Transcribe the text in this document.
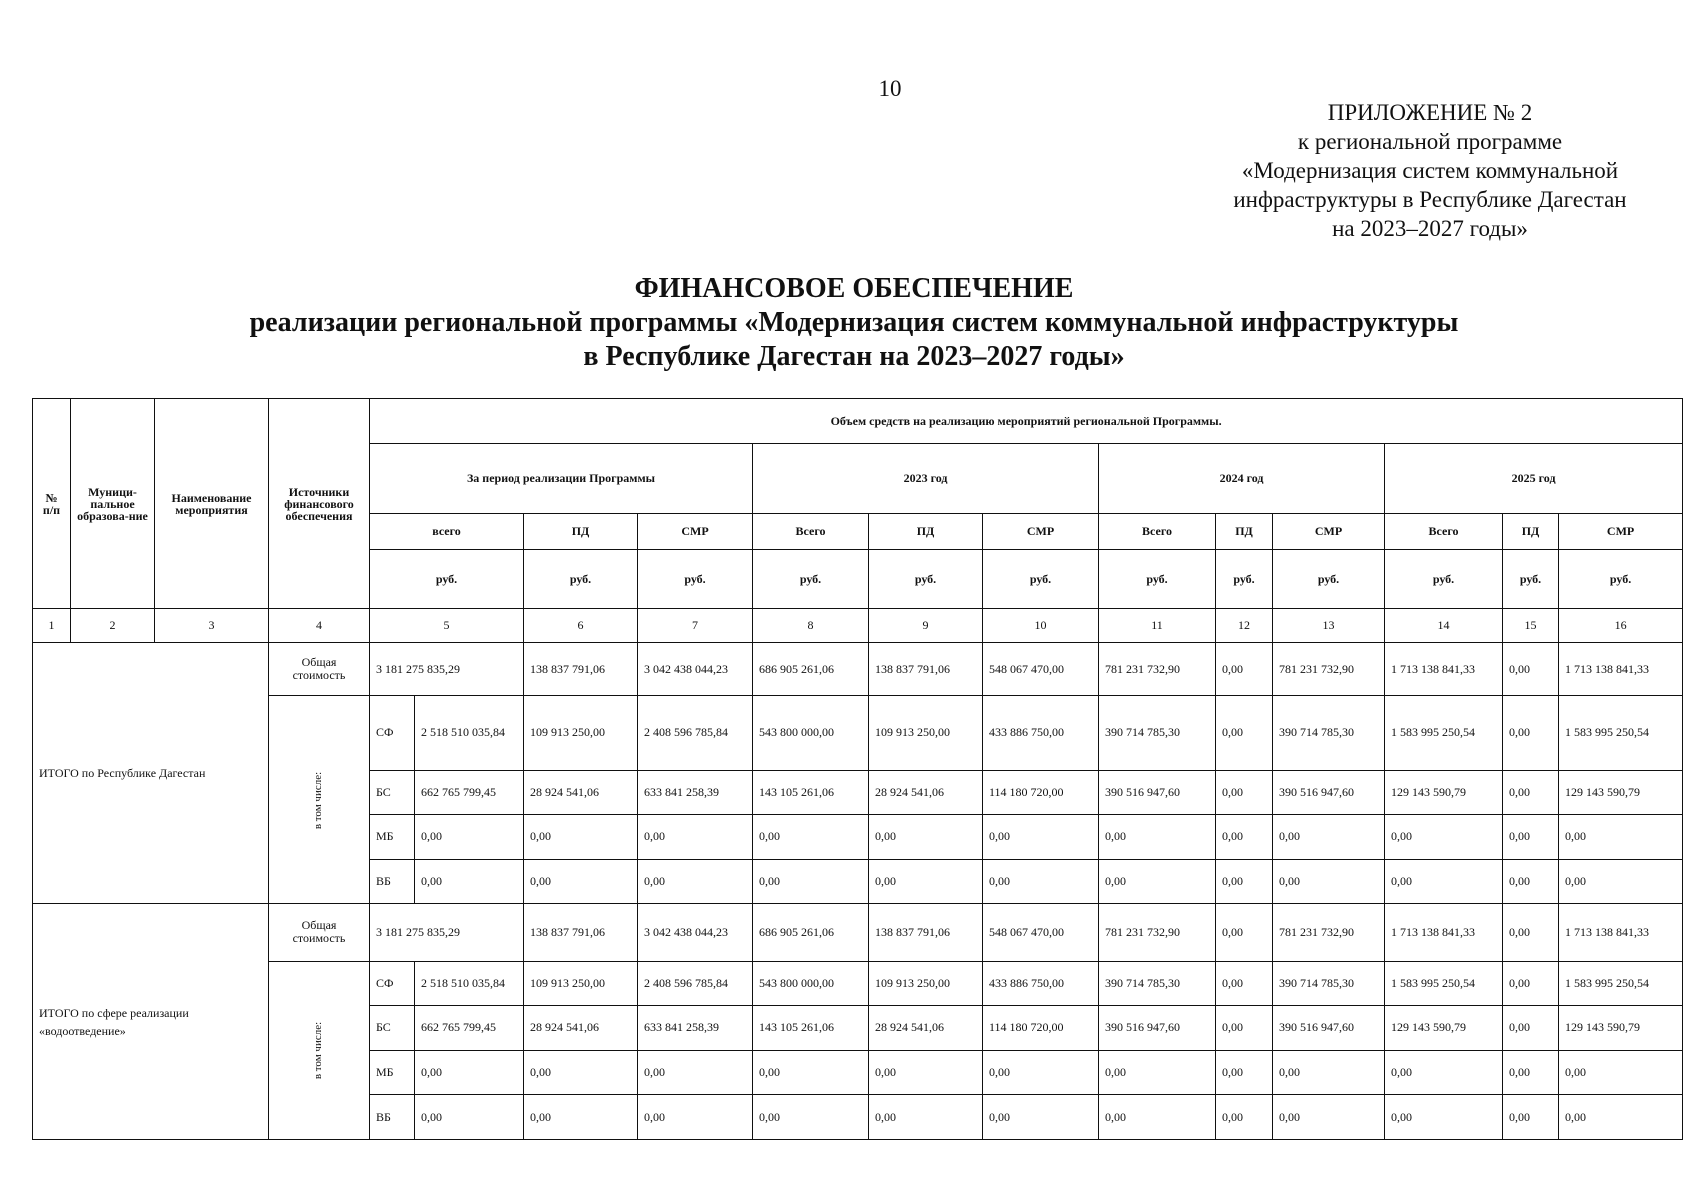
10
ПРИЛОЖЕНИЕ № 2
к региональной программе
«Модернизация систем коммунальной
инфраструктуры в Республике Дагестан
на 2023–2027 годы»
ФИНАНСОВОЕ ОБЕСПЕЧЕНИЕ
реализации региональной программы «Модернизация систем коммунальной инфраструктуры
в Республике Дагестан на 2023–2027 годы»
№ п/п	Муници-пальное образова-ние	Наименование мероприятия	Источники финансового обеспечения	Объем средств на реализацию мероприятий региональной Программы.												
				За период реализации Программы				2023 год			2024 год			2025 год		
				всего		ПД	СМР	Всего	ПД	СМР	Всего	ПД	СМР	Всего	ПД	СМР
				руб.		руб.	руб.	руб.	руб.	руб.	руб.	руб.	руб.	руб.	руб.	руб.
1	2	3	4	5		6	7	8	9	10	11	12	13	14	15	16
ИТОГО по Республике Дагестан			Общая стоимость	3 181 275 835,29		138 837 791,06	3 042 438 044,23	686 905 261,06	138 837 791,06	548 067 470,00	781 231 732,90	0,00	781 231 732,90	1 713 138 841,33	0,00	1 713 138 841,33
			в том числе:	СФ	2 518 510 035,84	109 913 250,00	2 408 596 785,84	543 800 000,00	109 913 250,00	433 886 750,00	390 714 785,30	0,00	390 714 785,30	1 583 995 250,54	0,00	1 583 995 250,54
				БС	662 765 799,45	28 924 541,06	633 841 258,39	143 105 261,06	28 924 541,06	114 180 720,00	390 516 947,60	0,00	390 516 947,60	129 143 590,79	0,00	129 143 590,79
				МБ	0,00	0,00	0,00	0,00	0,00	0,00	0,00	0,00	0,00	0,00	0,00	0,00
				ВБ	0,00	0,00	0,00	0,00	0,00	0,00	0,00	0,00	0,00	0,00	0,00	0,00
ИТОГО по сфере реализации «водоотведение»			Общая стоимость	3 181 275 835,29		138 837 791,06	3 042 438 044,23	686 905 261,06	138 837 791,06	548 067 470,00	781 231 732,90	0,00	781 231 732,90	1 713 138 841,33	0,00	1 713 138 841,33
			в том числе:	СФ	2 518 510 035,84	109 913 250,00	2 408 596 785,84	543 800 000,00	109 913 250,00	433 886 750,00	390 714 785,30	0,00	390 714 785,30	1 583 995 250,54	0,00	1 583 995 250,54
				БС	662 765 799,45	28 924 541,06	633 841 258,39	143 105 261,06	28 924 541,06	114 180 720,00	390 516 947,60	0,00	390 516 947,60	129 143 590,79	0,00	129 143 590,79
				МБ	0,00	0,00	0,00	0,00	0,00	0,00	0,00	0,00	0,00	0,00	0,00	0,00
				ВБ	0,00	0,00	0,00	0,00	0,00	0,00	0,00	0,00	0,00	0,00	0,00	0,00
